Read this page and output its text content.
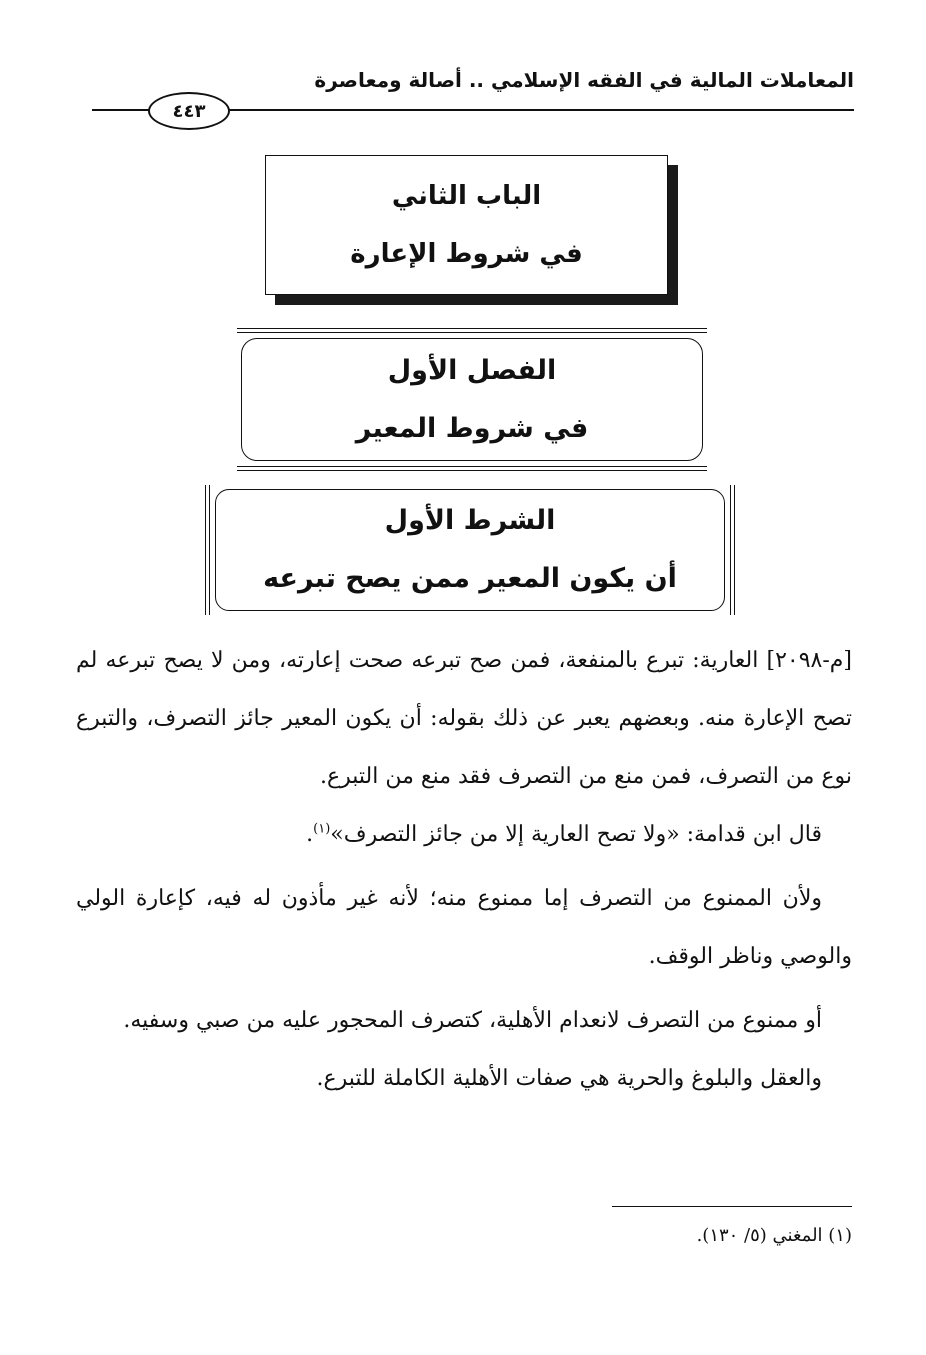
المعاملات المالية في الفقه الإسلامي .. أصالة ومعاصرة
٤٤٣
الباب الثاني
في شروط الإعارة
الفصل الأول
في شروط المعير
الشرط الأول
أن يكون المعير ممن يصح تبرعه

[م-٢٠٩٨] العارية: تبرع بالمنفعة، فمن صح تبرعه صحت إعارته، ومن لا يصح تبرعه لم تصح الإعارة منه. وبعضهم يعبر عن ذلك بقوله: أن يكون المعير جائز التصرف، والتبرع نوع من التصرف، فمن منع من التصرف فقد منع من التبرع.

قال ابن قدامة: «ولا تصح العارية إلا من جائز التصرف»$^{(١)}$.

ولأن الممنوع من التصرف إما ممنوع منه؛ لأنه غير مأذون له فيه، كإعارة الولي والوصي وناظر الوقف.

أو ممنوع من التصرف لانعدام الأهلية، كتصرف المحجور عليه من صبي وسفيه.

والعقل والبلوغ والحرية هي صفات الأهلية الكاملة للتبرع.

(١) المغني (٥/ ١٣٠).
